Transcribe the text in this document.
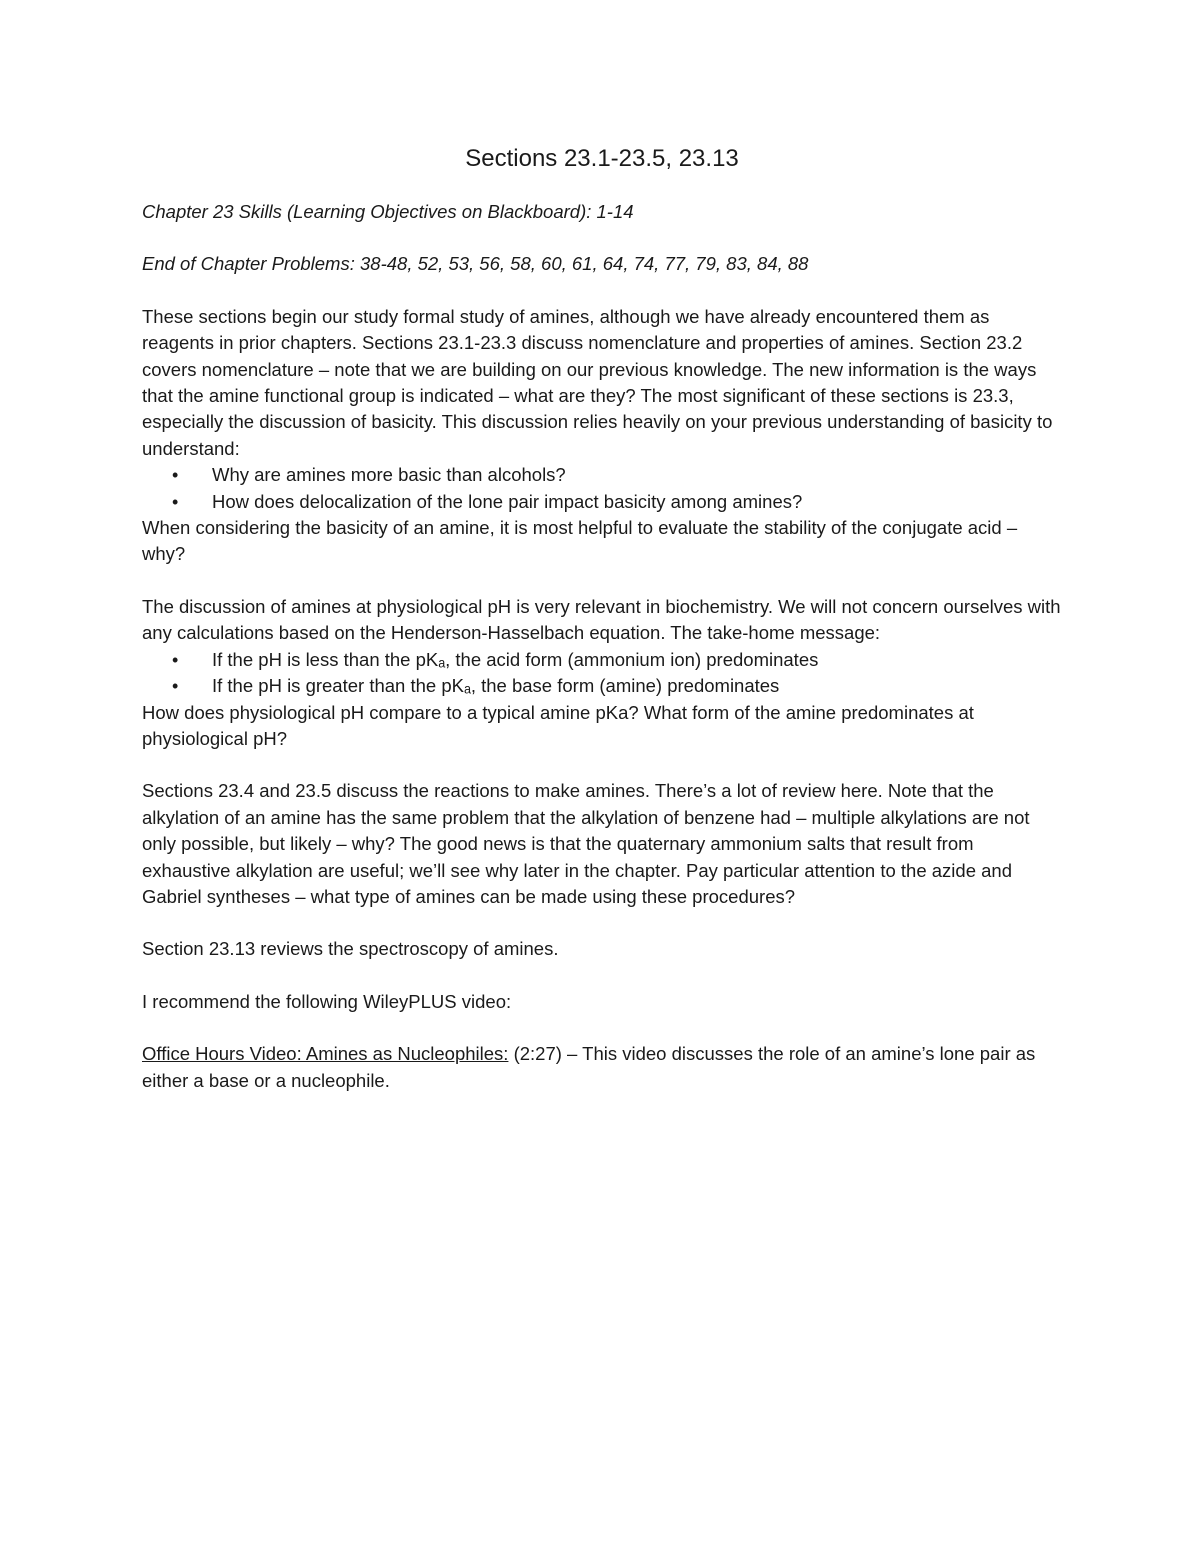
Sections 23.1-23.5, 23.13

Chapter 23 Skills (Learning Objectives on Blackboard): 1-14

End of Chapter Problems: 38-48, 52, 53, 56, 58, 60, 61, 64, 74, 77, 79, 83, 84, 88

These sections begin our study formal study of amines, although we have already encountered them as reagents in prior chapters. Sections 23.1-23.3 discuss nomenclature and properties of amines. Section 23.2 covers nomenclature – note that we are building on our previous knowledge. The new information is the ways that the amine functional group is indicated – what are they? The most significant of these sections is 23.3, especially the discussion of basicity. This discussion relies heavily on your previous understanding of basicity to understand:

• Why are amines more basic than alcohols?
• How does delocalization of the lone pair impact basicity among amines?

When considering the basicity of an amine, it is most helpful to evaluate the stability of the conjugate acid – why?

The discussion of amines at physiological pH is very relevant in biochemistry. We will not concern ourselves with any calculations based on the Henderson-Hasselbach equation. The take-home message:

• If the pH is less than the pKₐ, the acid form (ammonium ion) predominates
• If the pH is greater than the pKₐ, the base form (amine) predominates

How does physiological pH compare to a typical amine pKa? What form of the amine predominates at physiological pH?

Sections 23.4 and 23.5 discuss the reactions to make amines. There’s a lot of review here. Note that the alkylation of an amine has the same problem that the alkylation of benzene had – multiple alkylations are not only possible, but likely – why? The good news is that the quaternary ammonium salts that result from exhaustive alkylation are useful; we’ll see why later in the chapter. Pay particular attention to the azide and Gabriel syntheses – what type of amines can be made using these procedures?

Section 23.13 reviews the spectroscopy of amines.

I recommend the following WileyPLUS video:

Office Hours Video: Amines as Nucleophiles: (2:27) – This video discusses the role of an amine’s lone pair as either a base or a nucleophile.
